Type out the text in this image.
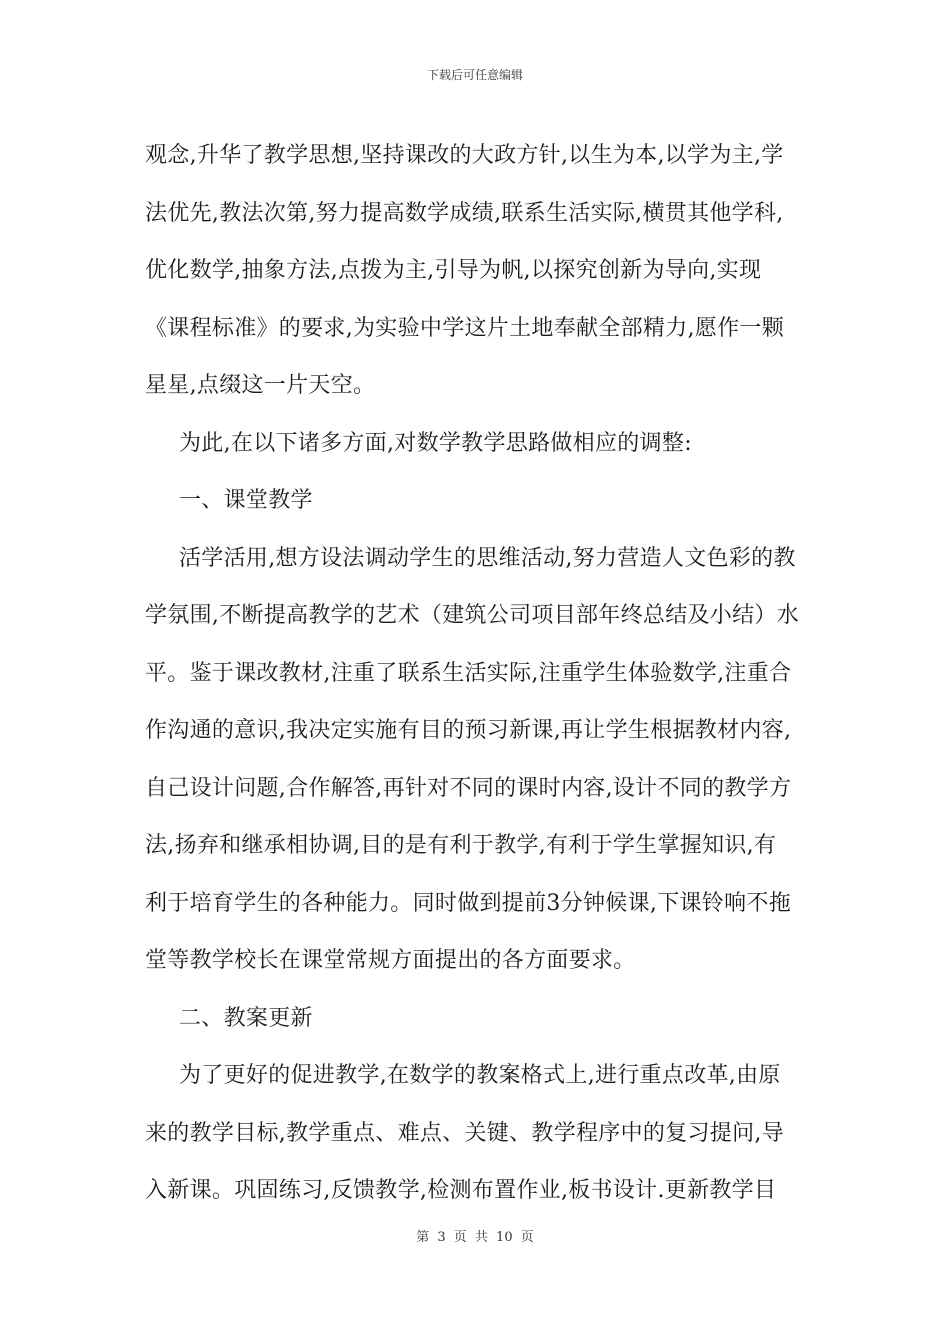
下载后可任意编辑
观念,升华了教学思想,坚持课改的大政方针,以生为本,以学为主,学
法优先,教法次第,努力提高数学成绩,联系生活实际,横贯其他学科,
优化数学,抽象方法,点拨为主,引导为帆,以探究创新为导向,实现
《课程标准》的要求,为实验中学这片土地奉献全部精力,愿作一颗
星星,点缀这一片天空。
为此,在以下诸多方面,对数学教学思路做相应的调整:
一、课堂教学
活学活用,想方设法调动学生的思维活动,努力营造人文色彩的教
学氛围,不断提高教学的艺术（建筑公司项目部年终总结及小结）水
平。鉴于课改教材,注重了联系生活实际,注重学生体验数学,注重合
作沟通的意识,我决定实施有目的预习新课,再让学生根据教材内容,
自己设计问题,合作解答,再针对不同的课时内容,设计不同的教学方
法,扬弃和继承相协调,目的是有利于教学,有利于学生掌握知识,有
利于培育学生的各种能力。同时做到提前3分钟候课,下课铃响不拖
堂等教学校长在课堂常规方面提出的各方面要求。
二、教案更新
为了更好的促进教学,在数学的教案格式上,进行重点改革,由原
来的教学目标,教学重点、难点、关键、教学程序中的复习提问,导
入新课。巩固练习,反馈教学,检测布置作业,板书设计.更新教学目
第 3 页 共 10 页
